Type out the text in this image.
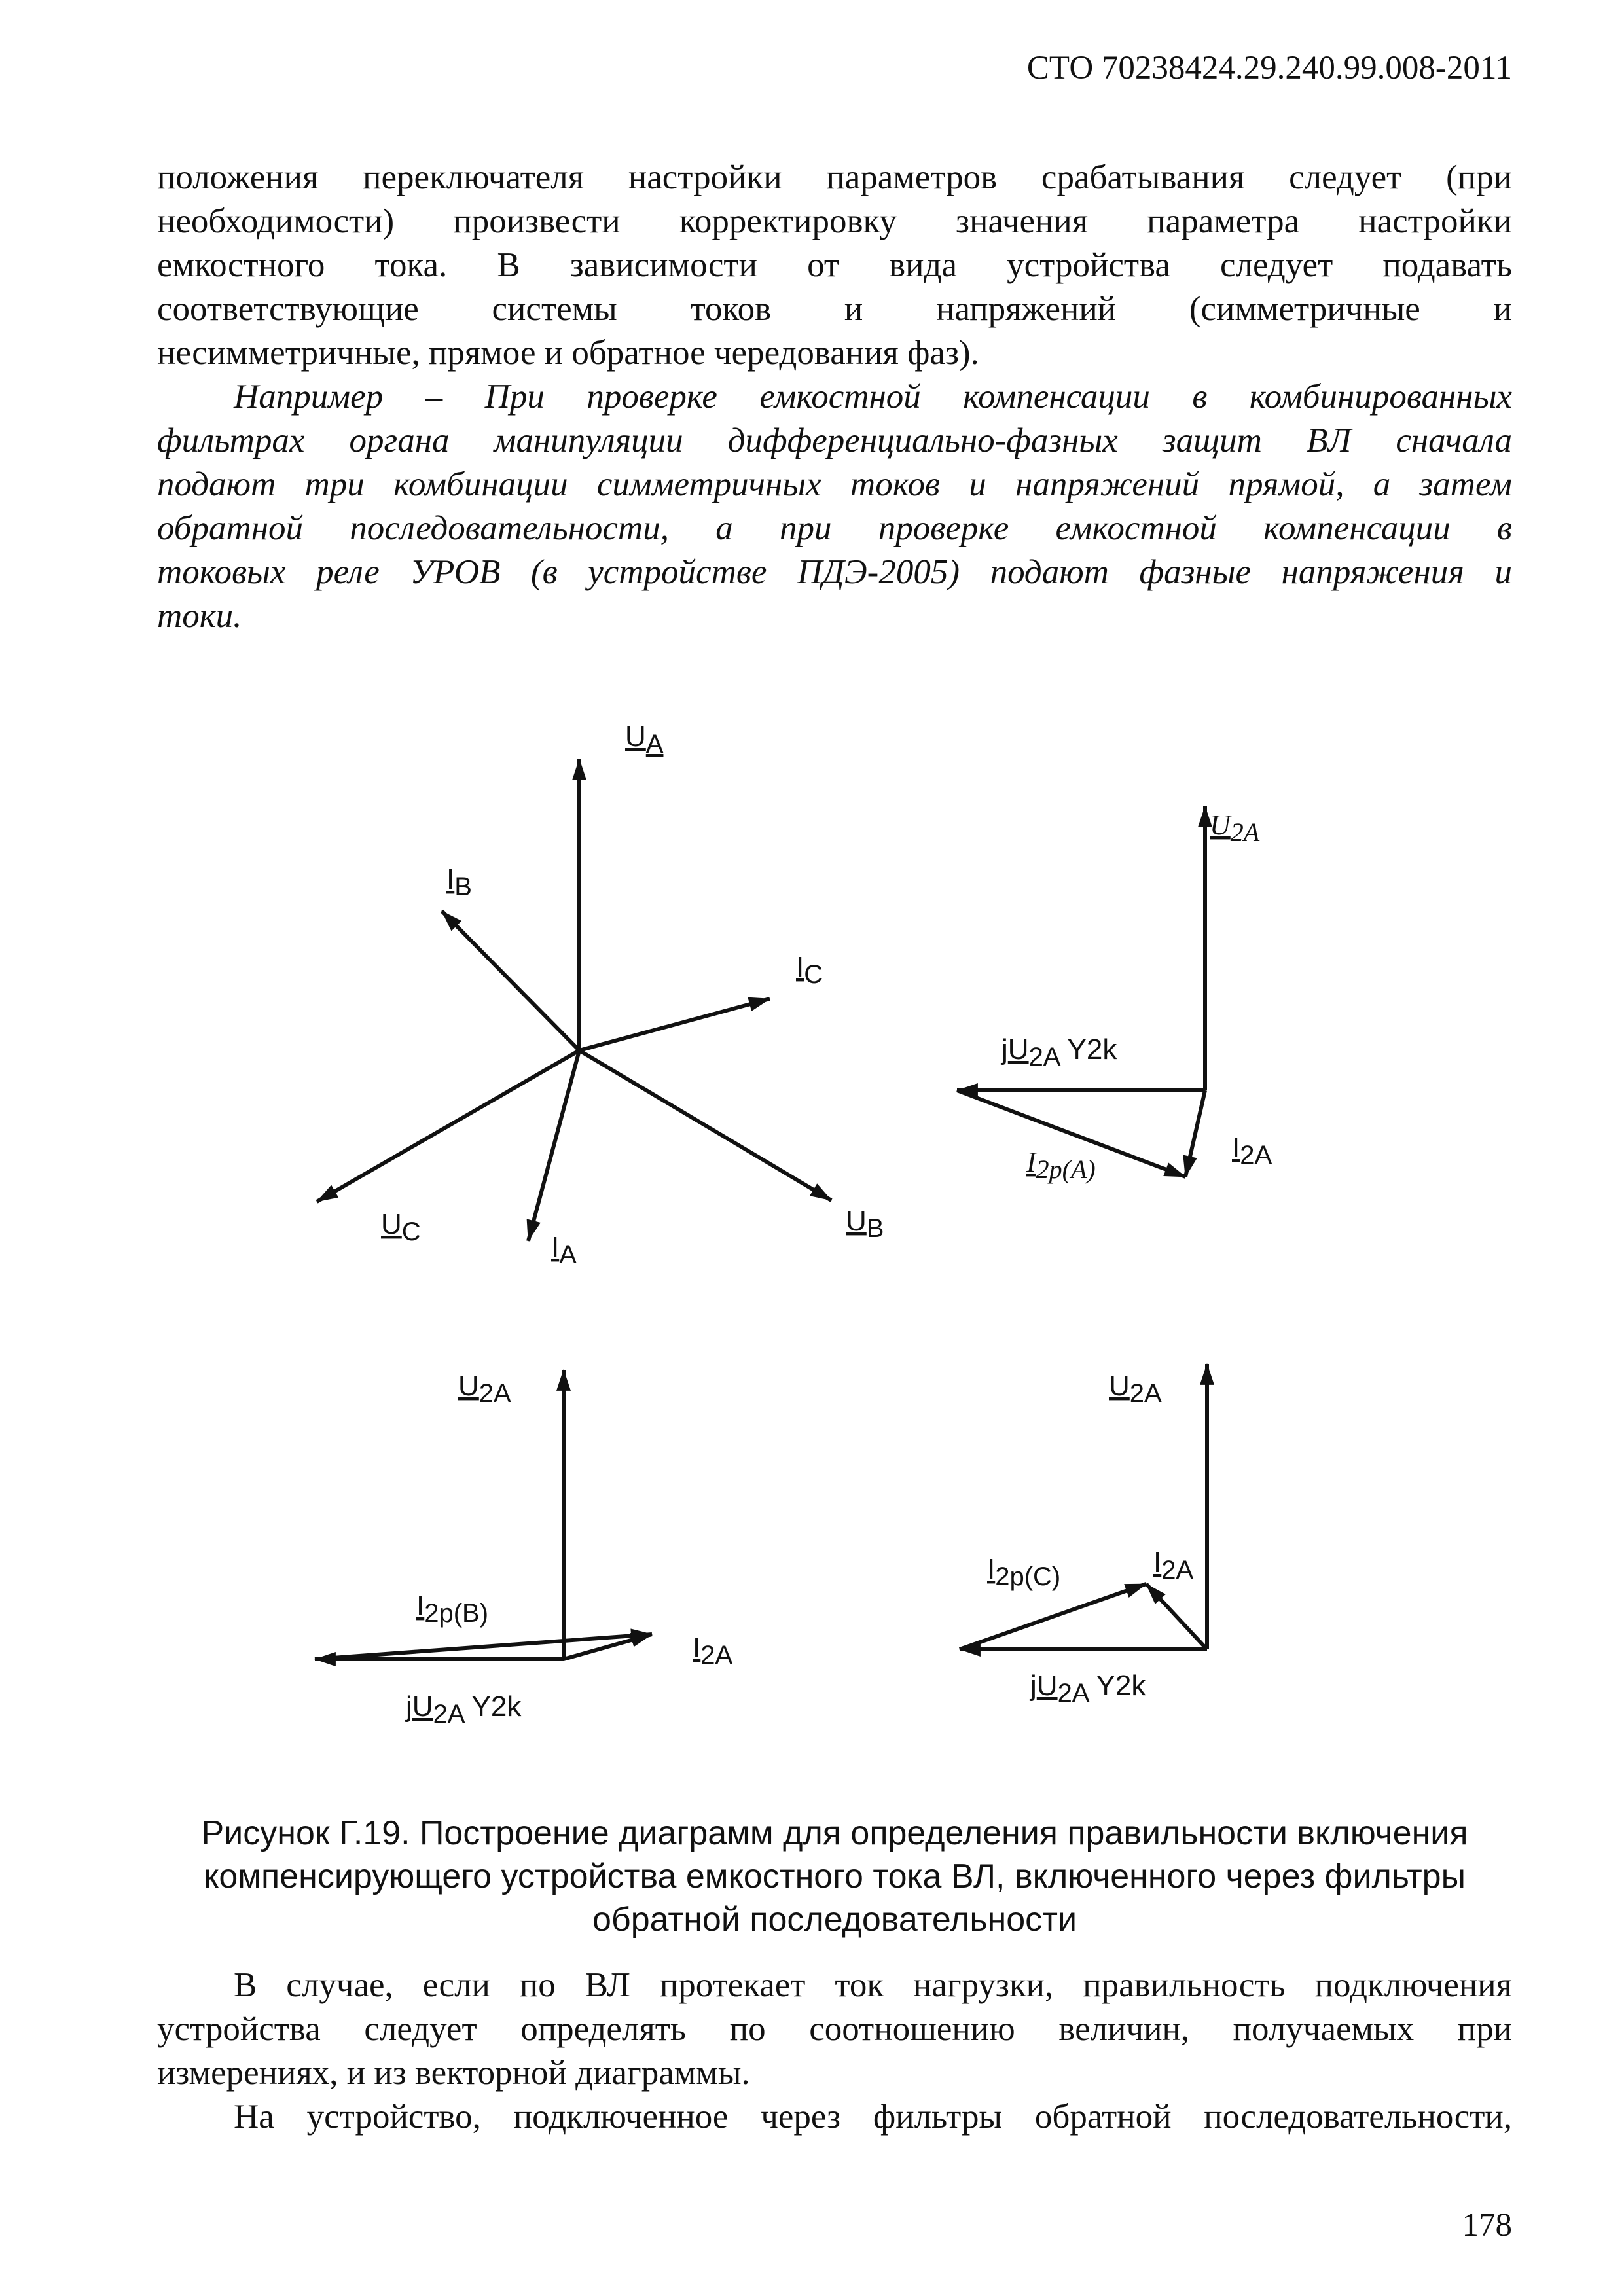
СТО 70238424.29.240.99.008-2011
положения переключателя настройки параметров срабатывания следует (при
необходимости) произвести корректировку значения параметра настройки
емкостного тока. В зависимости от вида устройства следует подавать
соответствующие системы токов и напряжений (симметричные и
несимметричные, прямое и обратное чередования фаз).
Например – При проверке емкостной компенсации в комбинированных
фильтрах органа манипуляции дифференциально-фазных защит ВЛ сначала
подают три комбинации симметричных токов и напряжений прямой, а затем
обратной последовательности, а при проверке емкостной компенсации в
токовых реле УРОВ (в устройстве ПДЭ-2005) подают фазные напряжения и
токи.
UA
IB
IC
UC	IA
UB
U2A
jU2A Y2k
I2A
I2p(A)
U2A
I2p(B)
I2A
jU2A Y2k
U2A
I2p(C)	I2A
jU2A Y2k
Рисунок Г.19. Построение диаграмм для определения правильности включения
компенсирующего устройства емкостного тока ВЛ, включенного через фильтры
обратной последовательности
В случае, если по ВЛ протекает ток нагрузки, правильность подключения
устройства следует определять по соотношению величин, получаемых при
измерениях, и из векторной диаграммы.
На устройство, подключенное через фильтры обратной последовательности,
178
